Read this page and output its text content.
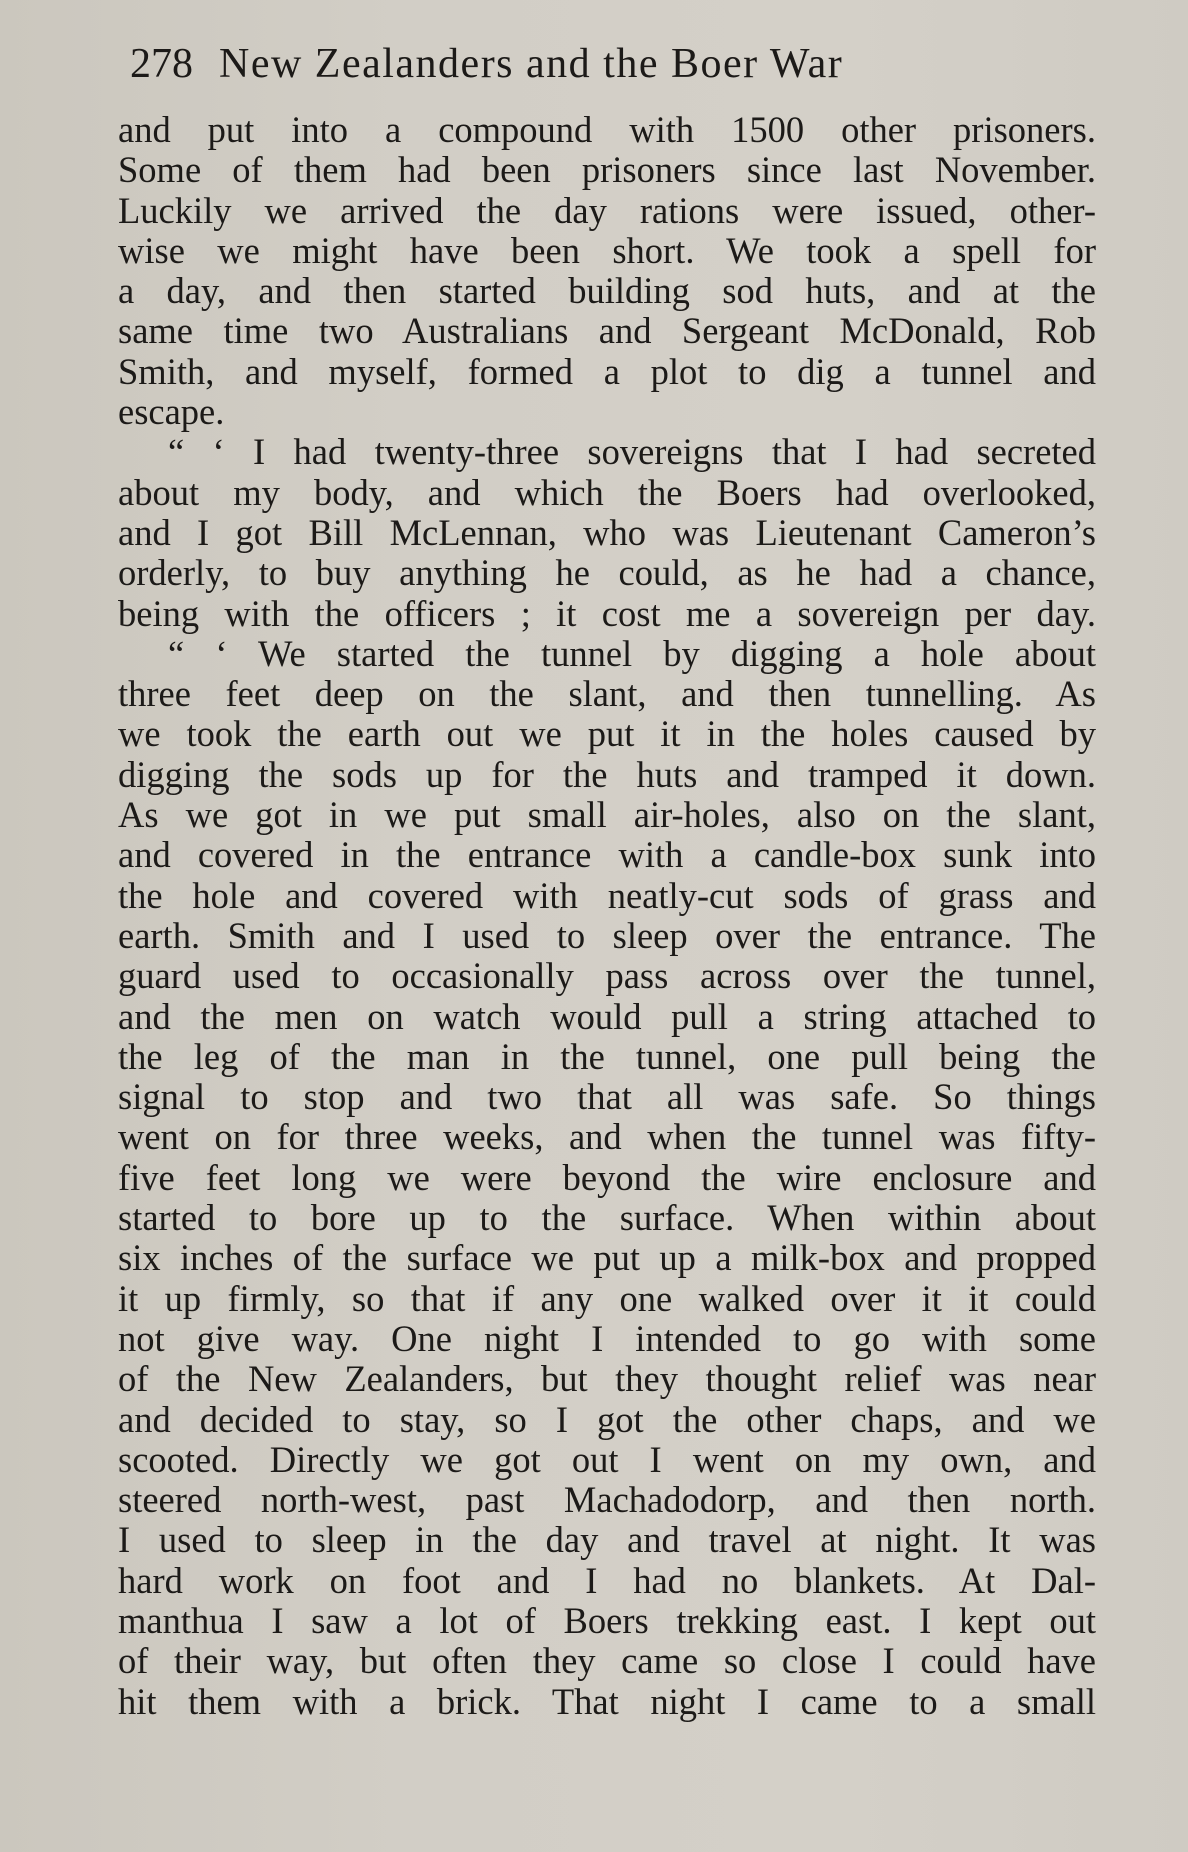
278 New Zealanders and the Boer War
and put into a compound with 1500 other prisoners.
Some of them had been prisoners since last November.
Luckily we arrived the day rations were issued, other-
wise we might have been short. We took a spell for
a day, and then started building sod huts, and at the
same time two Australians and Sergeant McDonald, Rob
Smith, and myself, formed a plot to dig a tunnel and
escape.
“ ‘ I had twenty-three sovereigns that I had secreted
about my body, and which the Boers had overlooked,
and I got Bill McLennan, who was Lieutenant Cameron’s
orderly, to buy anything he could, as he had a chance,
being with the officers ; it cost me a sovereign per day.
“ ‘ We started the tunnel by digging a hole about
three feet deep on the slant, and then tunnelling. As
we took the earth out we put it in the holes caused by
digging the sods up for the huts and tramped it down.
As we got in we put small air-holes, also on the slant,
and covered in the entrance with a candle-box sunk into
the hole and covered with neatly-cut sods of grass and
earth. Smith and I used to sleep over the entrance. The
guard used to occasionally pass across over the tunnel,
and the men on watch would pull a string attached to
the leg of the man in the tunnel, one pull being the
signal to stop and two that all was safe. So things
went on for three weeks, and when the tunnel was fifty-
five feet long we were beyond the wire enclosure and
started to bore up to the surface. When within about
six inches of the surface we put up a milk-box and propped
it up firmly, so that if any one walked over it it could
not give way. One night I intended to go with some
of the New Zealanders, but they thought relief was near
and decided to stay, so I got the other chaps, and we
scooted. Directly we got out I went on my own, and
steered north-west, past Machadodorp, and then north.
I used to sleep in the day and travel at night. It was
hard work on foot and I had no blankets. At Dal-
manthua I saw a lot of Boers trekking east. I kept out
of their way, but often they came so close I could have
hit them with a brick. That night I came to a small
